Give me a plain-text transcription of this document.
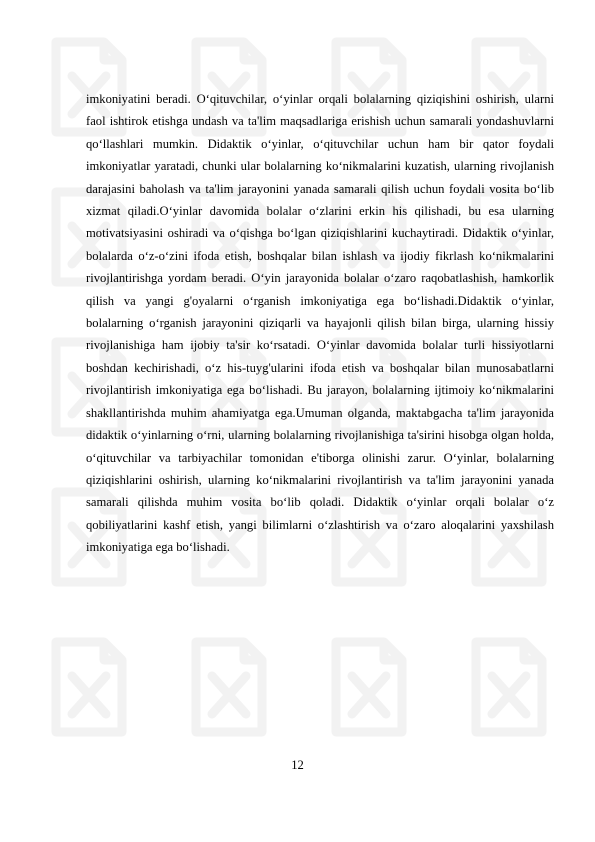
imkoniyatini beradi. O‘qituvchilar, o‘yinlar orqali bolalarning qiziqishini oshirish, ularni faol ishtirok etishga undash va ta'lim maqsadlariga erishish uchun samarali yondashuvlarni qo‘llashlari mumkin. Didaktik o‘yinlar, o‘qituvchilar uchun ham bir qator foydali imkoniyatlar yaratadi, chunki ular bolalarning ko‘nikmalarini kuzatish, ularning rivojlanish darajasini baholash va ta'lim jarayonini yanada samarali qilish uchun foydali vosita bo‘lib xizmat qiladi.O‘yinlar davomida bolalar o‘zlarini erkin his qilishadi, bu esa ularning motivatsiyasini oshiradi va o‘qishga bo‘lgan qiziqishlarini kuchaytiradi. Didaktik o‘yinlar, bolalarda o‘z-o‘zini ifoda etish, boshqalar bilan ishlash va ijodiy fikrlash ko‘nikmalarini rivojlantirishga yordam beradi. O‘yin jarayonida bolalar o‘zaro raqobatlashish, hamkorlik qilish va yangi g'oyalarni o‘rganish imkoniyatiga ega bo‘lishadi.Didaktik o‘yinlar, bolalarning o‘rganish jarayonini qiziqarli va hayajonli qilish bilan birga, ularning hissiy rivojlanishiga ham ijobiy ta'sir ko‘rsatadi. O‘yinlar davomida bolalar turli hissiyotlarni boshdan kechirishadi, o‘z his-tuyg'ularini ifoda etish va boshqalar bilan munosabatlarni rivojlantirish imkoniyatiga ega bo‘lishadi. Bu jarayon, bolalarning ijtimoiy ko‘nikmalarini shakllantirishda muhim ahamiyatga ega.Umuman olganda, maktabgacha ta'lim jarayonida didaktik o‘yinlarning o‘rni, ularning bolalarning rivojlanishiga ta'sirini hisobga olgan holda, o‘qituvchilar va tarbiyachilar tomonidan e'tiborga olinishi zarur. O‘yinlar, bolalarning qiziqishlarini oshirish, ularning ko‘nikmalarini rivojlantirish va ta'lim jarayonini yanada samarali qilishda muhim vosita bo‘lib qoladi. Didaktik o‘yinlar orqali bolalar o‘z qobiliyatlarini kashf etish, yangi bilimlarni o‘zlashtirish va o‘zaro aloqalarini yaxshilash imkoniyatiga ega bo‘lishadi.

12
